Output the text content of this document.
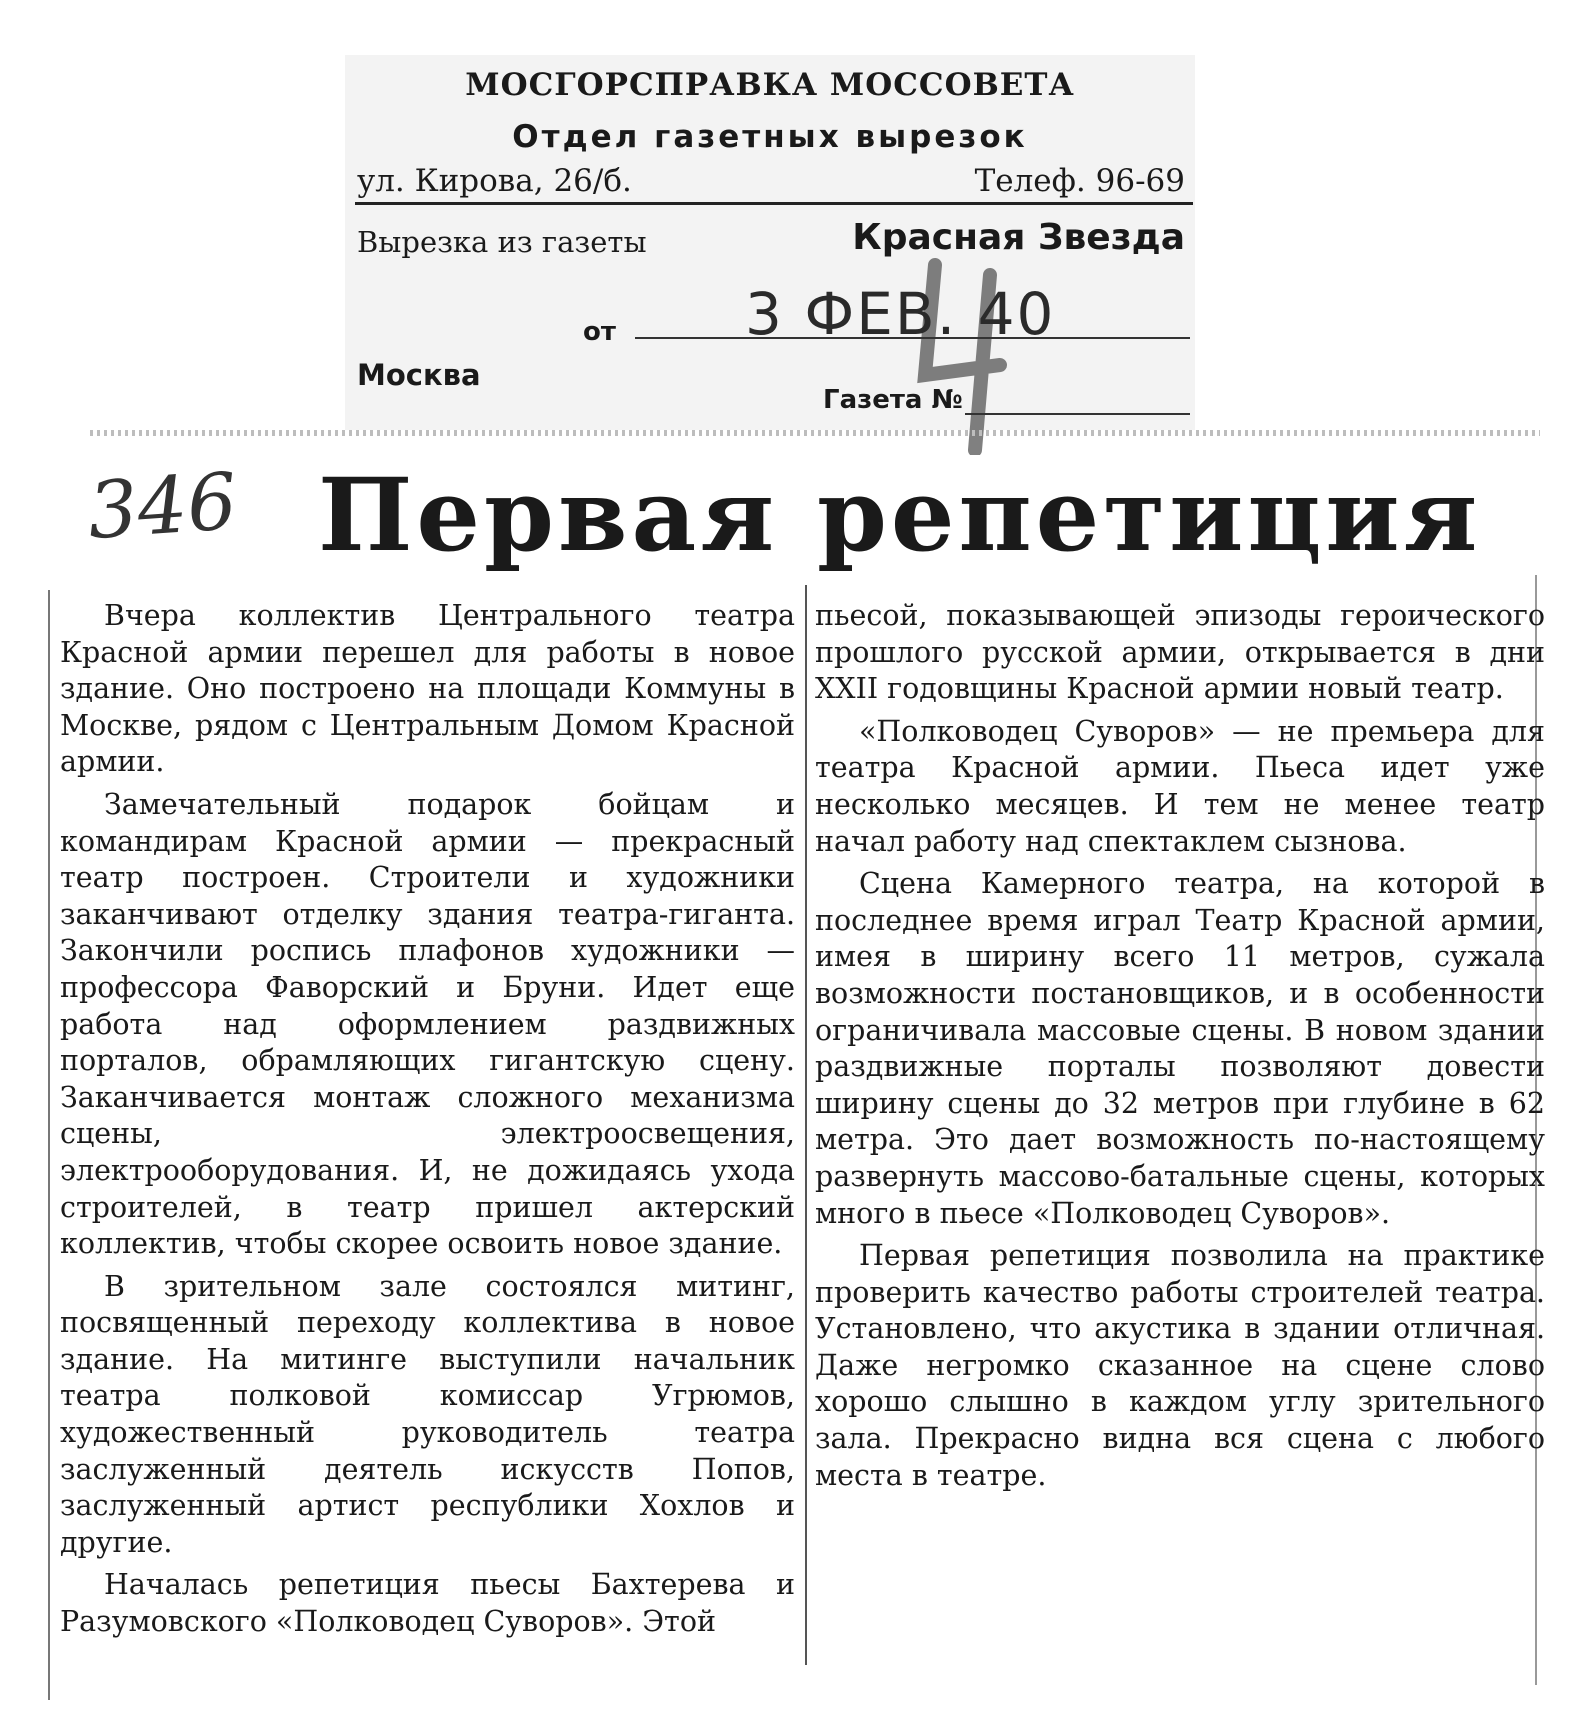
МОСГОРСПРАВКА МОССОВЕТА
Отдел газетных вырезок
ул. Кирова, 26/б.	Телеф. 96-69
Вырезка из газеты	Красная Звезда
от 3 ФЕВ. 40
Москва
Газета №
346 Первая репетиция

Вчера коллектив Центрального театра Красной армии перешел для работы в новое здание. Оно построено на площади Коммуны в Москве, рядом с Центральным Домом Красной армии.

Замечательный подарок бойцам и командирам Красной армии — прекрасный театр построен. Строители и художники заканчивают отделку здания театра-гиганта. Закончили роспись плафонов художники — профессора Фаворский и Бруни. Идет еще работа над оформлением раздвижных порталов, обрамляющих гигантскую сцену. Заканчивается монтаж сложного механизма сцены, электроосвещения, электрооборудования. И, не дожидаясь ухода строителей, в театр пришел актерский коллектив, чтобы скорее освоить новое здание.

В зрительном зале состоялся митинг, посвященный переходу коллектива в новое здание. На митинге выступили начальник театра полковой комиссар Угрюмов, художественный руководитель театра заслуженный деятель искусств Попов, заслуженный артист республики Хохлов и другие.

Началась репетиция пьесы Бахтерева и Разумовского «Полководец Суворов». Этой

пьесой, показывающей эпизоды героического прошлого русской армии, открывается в дни XXII годовщины Красной армии новый театр.

«Полководец Суворов» — не премьера для театра Красной армии. Пьеса идет уже несколько месяцев. И тем не менее театр начал работу над спектаклем сызнова.

Сцена Камерного театра, на которой в последнее время играл Театр Красной армии, имея в ширину всего 11 метров, сужала возможности постановщиков, и в особенности ограничивала массовые сцены. В новом здании раздвижные порталы позволяют довести ширину сцены до 32 метров при глубине в 62 метра. Это дает возможность по-настоящему развернуть массово-батальные сцены, которых много в пьесе «Полководец Суворов».

Первая репетиция позволила на практике проверить качество работы строителей театра. Установлено, что акустика в здании отличная. Даже негромко сказанное на сцене слово хорошо слышно в каждом углу зрительного зала. Прекрасно видна вся сцена с любого места в театре.
